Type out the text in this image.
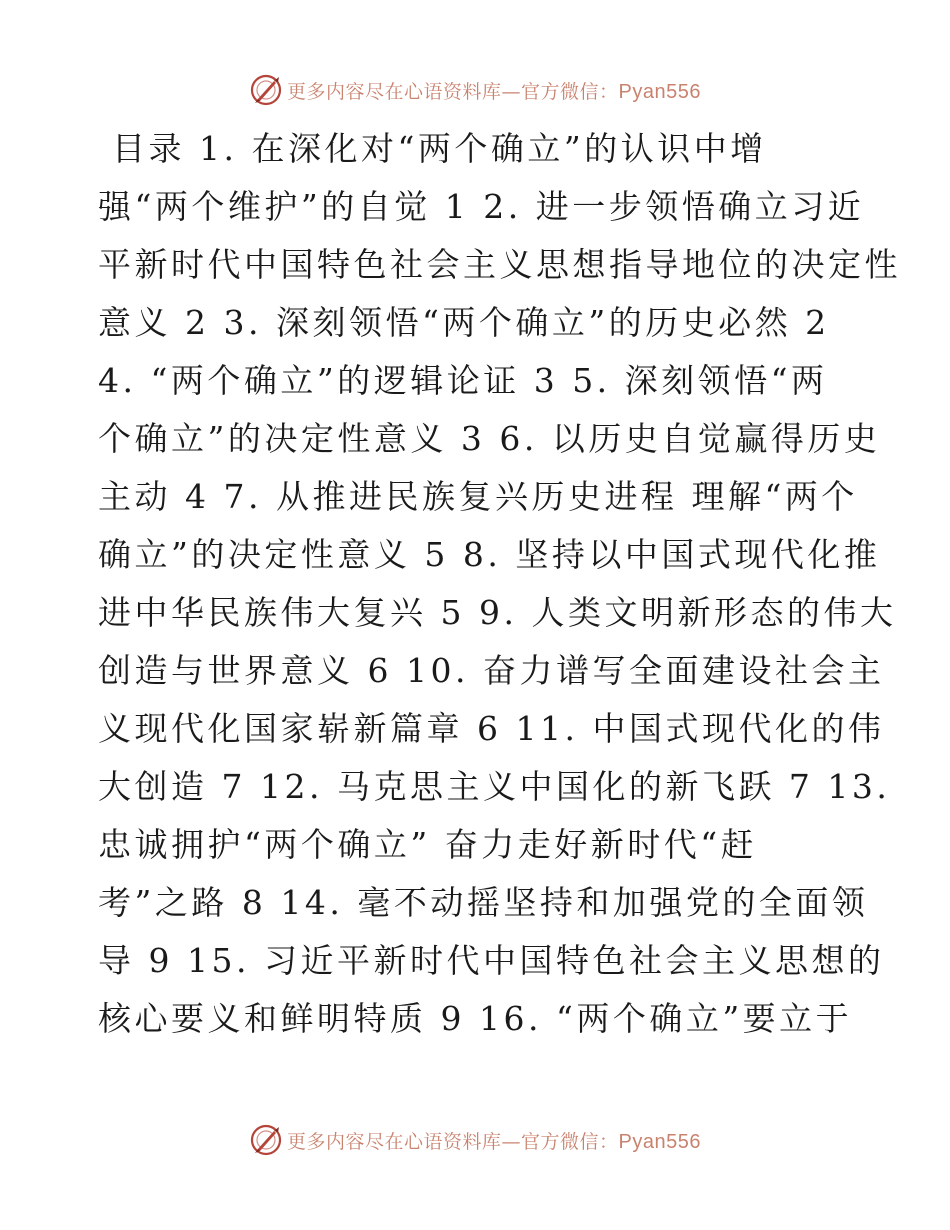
更多内容尽在心语资料库—官方微信：Pyan556
目录 1. 在深化对“两个确立”的认识中增
强“两个维护”的自觉 1 2. 进一步领悟确立习近
平新时代中国特色社会主义思想指导地位的决定性
意义 2 3. 深刻领悟“两个确立”的历史必然 2
4. “两个确立”的逻辑论证 3 5. 深刻领悟“两
个确立”的决定性意义 3 6. 以历史自觉赢得历史
主动 4 7. 从推进民族复兴历史进程 理解“两个
确立”的决定性意义 5 8. 坚持以中国式现代化推
进中华民族伟大复兴 5 9. 人类文明新形态的伟大
创造与世界意义 6 10. 奋力谱写全面建设社会主
义现代化国家崭新篇章 6 11. 中国式现代化的伟
大创造 7 12. 马克思主义中国化的新飞跃 7 13.
忠诚拥护“两个确立” 奋力走好新时代“赶
考”之路 8 14. 毫不动摇坚持和加强党的全面领
导 9 15. 习近平新时代中国特色社会主义思想的
核心要义和鲜明特质 9 16. “两个确立”要立于
更多内容尽在心语资料库—官方微信：Pyan556
